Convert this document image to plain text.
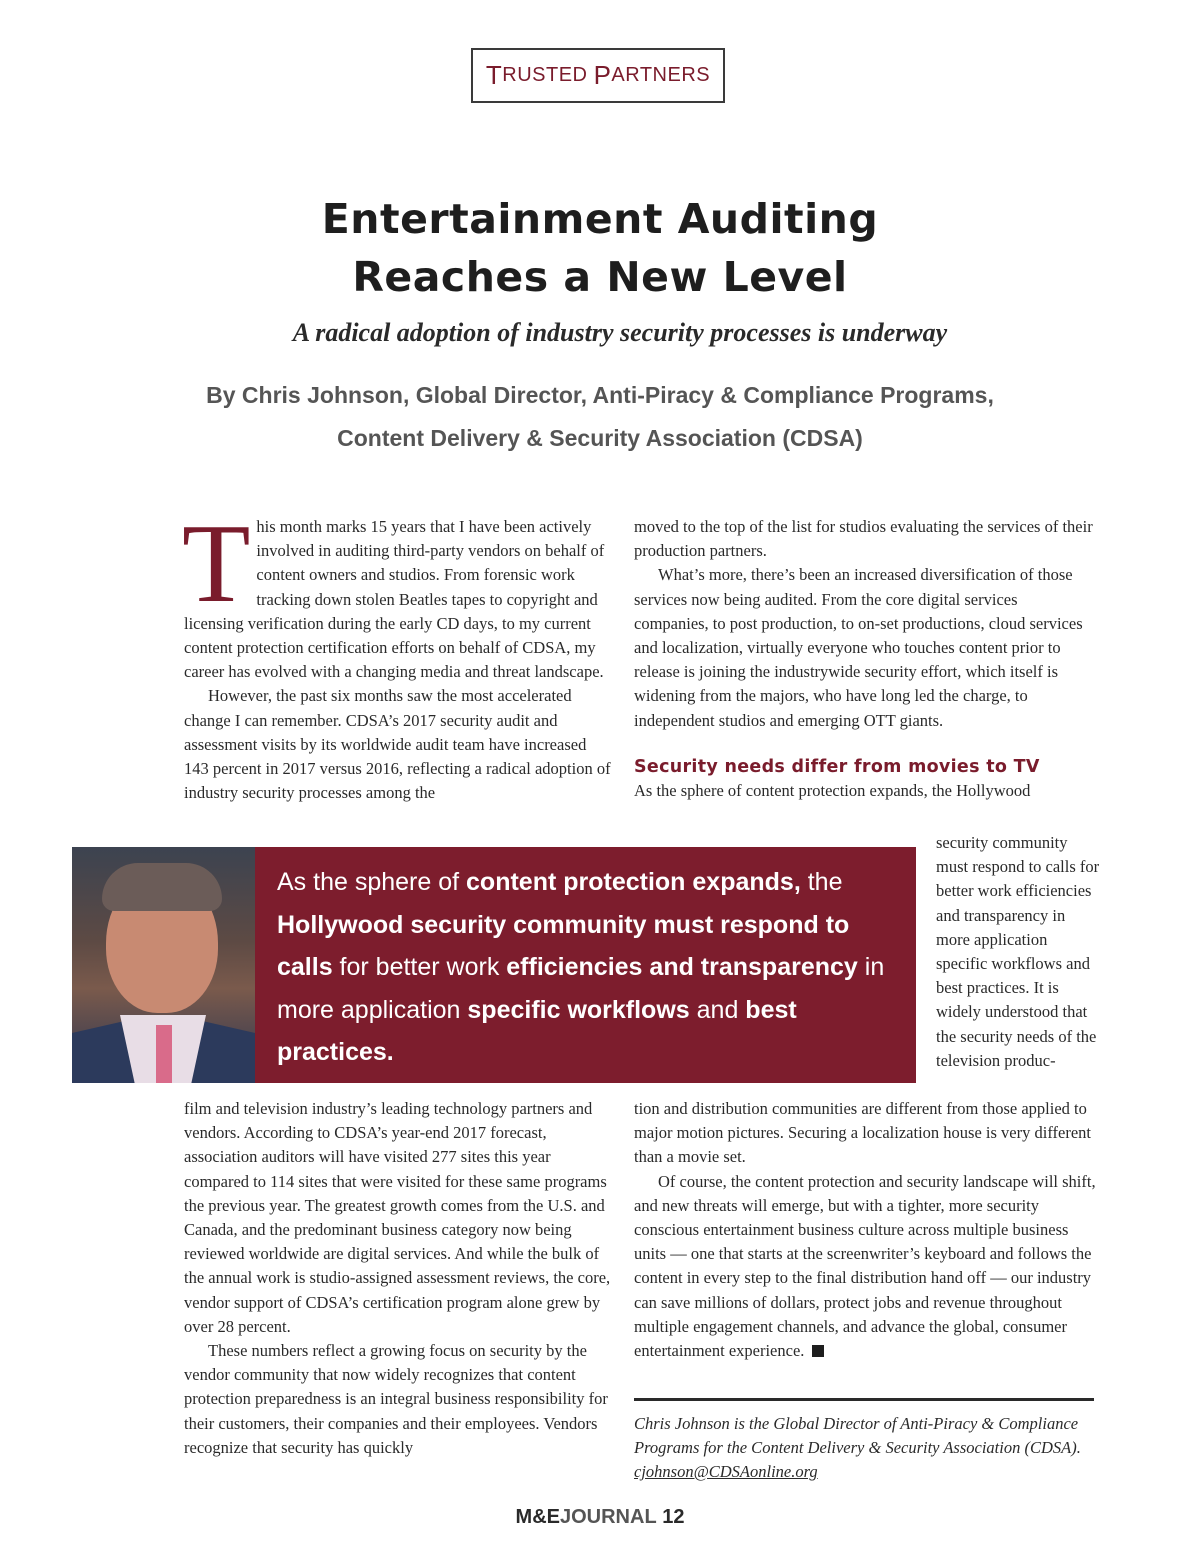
T RUSTED
P ARTNERS
Entertainment Auditing
Reaches a New Level
A radical adoption of industry security processes is underway
By Chris Johnson, Global Director, Anti-Piracy & Compliance Programs,
Content Delivery & Security Association (CDSA)

This month marks 15 years that I have been actively involved in auditing third-party vendors on behalf of content owners and studios. From forensic work tracking down stolen Beatles tapes to copyright and licensing verification during the early CD days, to my current content protection certification efforts on behalf of CDSA, my career has evolved with a changing media and threat landscape.

However, the past six months saw the most accelerated change I can remember. CDSA’s 2017 security audit and assessment visits by its worldwide audit team have increased 143 percent in 2017 versus 2016, reflecting a radical adoption of industry security processes among the

moved to the top of the list for studios evaluating the services of their production partners.

What’s more, there’s been an increased diversification of those services now being audited. From the core digital services companies, to post production, to on-set productions, cloud services and localization, virtually everyone who touches content prior to release is joining the industrywide security effort, which itself is widening from the majors, who have long led the charge, to independent studios and emerging OTT giants.

Security needs differ from movies to TV

As the sphere of content protection expands, the Hollywood

security community must respond to calls for better work efficiencies and transparency in more application specific workflows and best practices. It is widely understood that the security needs of the television produc-
As the sphere of content protection expands, the Hollywood security community must respond to calls for better work efficiencies and transparency in more application specific workflows and best practices.

film and television industry’s leading technology partners and vendors. According to CDSA’s year-end 2017 forecast, association auditors will have visited 277 sites this year compared to 114 sites that were visited for these same programs the previous year. The greatest growth comes from the U.S. and Canada, and the predominant business category now being reviewed worldwide are digital services. And while the bulk of the annual work is studio-assigned assessment reviews, the core, vendor support of CDSA’s certification program alone grew by over 28 percent.

These numbers reflect a growing focus on security by the vendor community that now widely recognizes that content protection preparedness is an integral business responsibility for their customers, their companies and their employees. Vendors recognize that security has quickly

tion and distribution communities are different from those applied to major motion pictures. Securing a localization house is very different than a movie set.

Of course, the content protection and security landscape will shift, and new threats will emerge, but with a tighter, more security conscious entertainment business culture across multiple business units — one that starts at the screenwriter’s keyboard and follows the content in every step to the final distribution hand off — our industry can save millions of dollars, protect jobs and revenue throughout multiple engagement channels, and advance the global, consumer entertainment experience.

Chris Johnson is the Global Director of Anti-Piracy & Compliance Programs for the Content Delivery & Security Association (CDSA).
cjohnson@CDSAonline.org
M&EJOURNAL 12
